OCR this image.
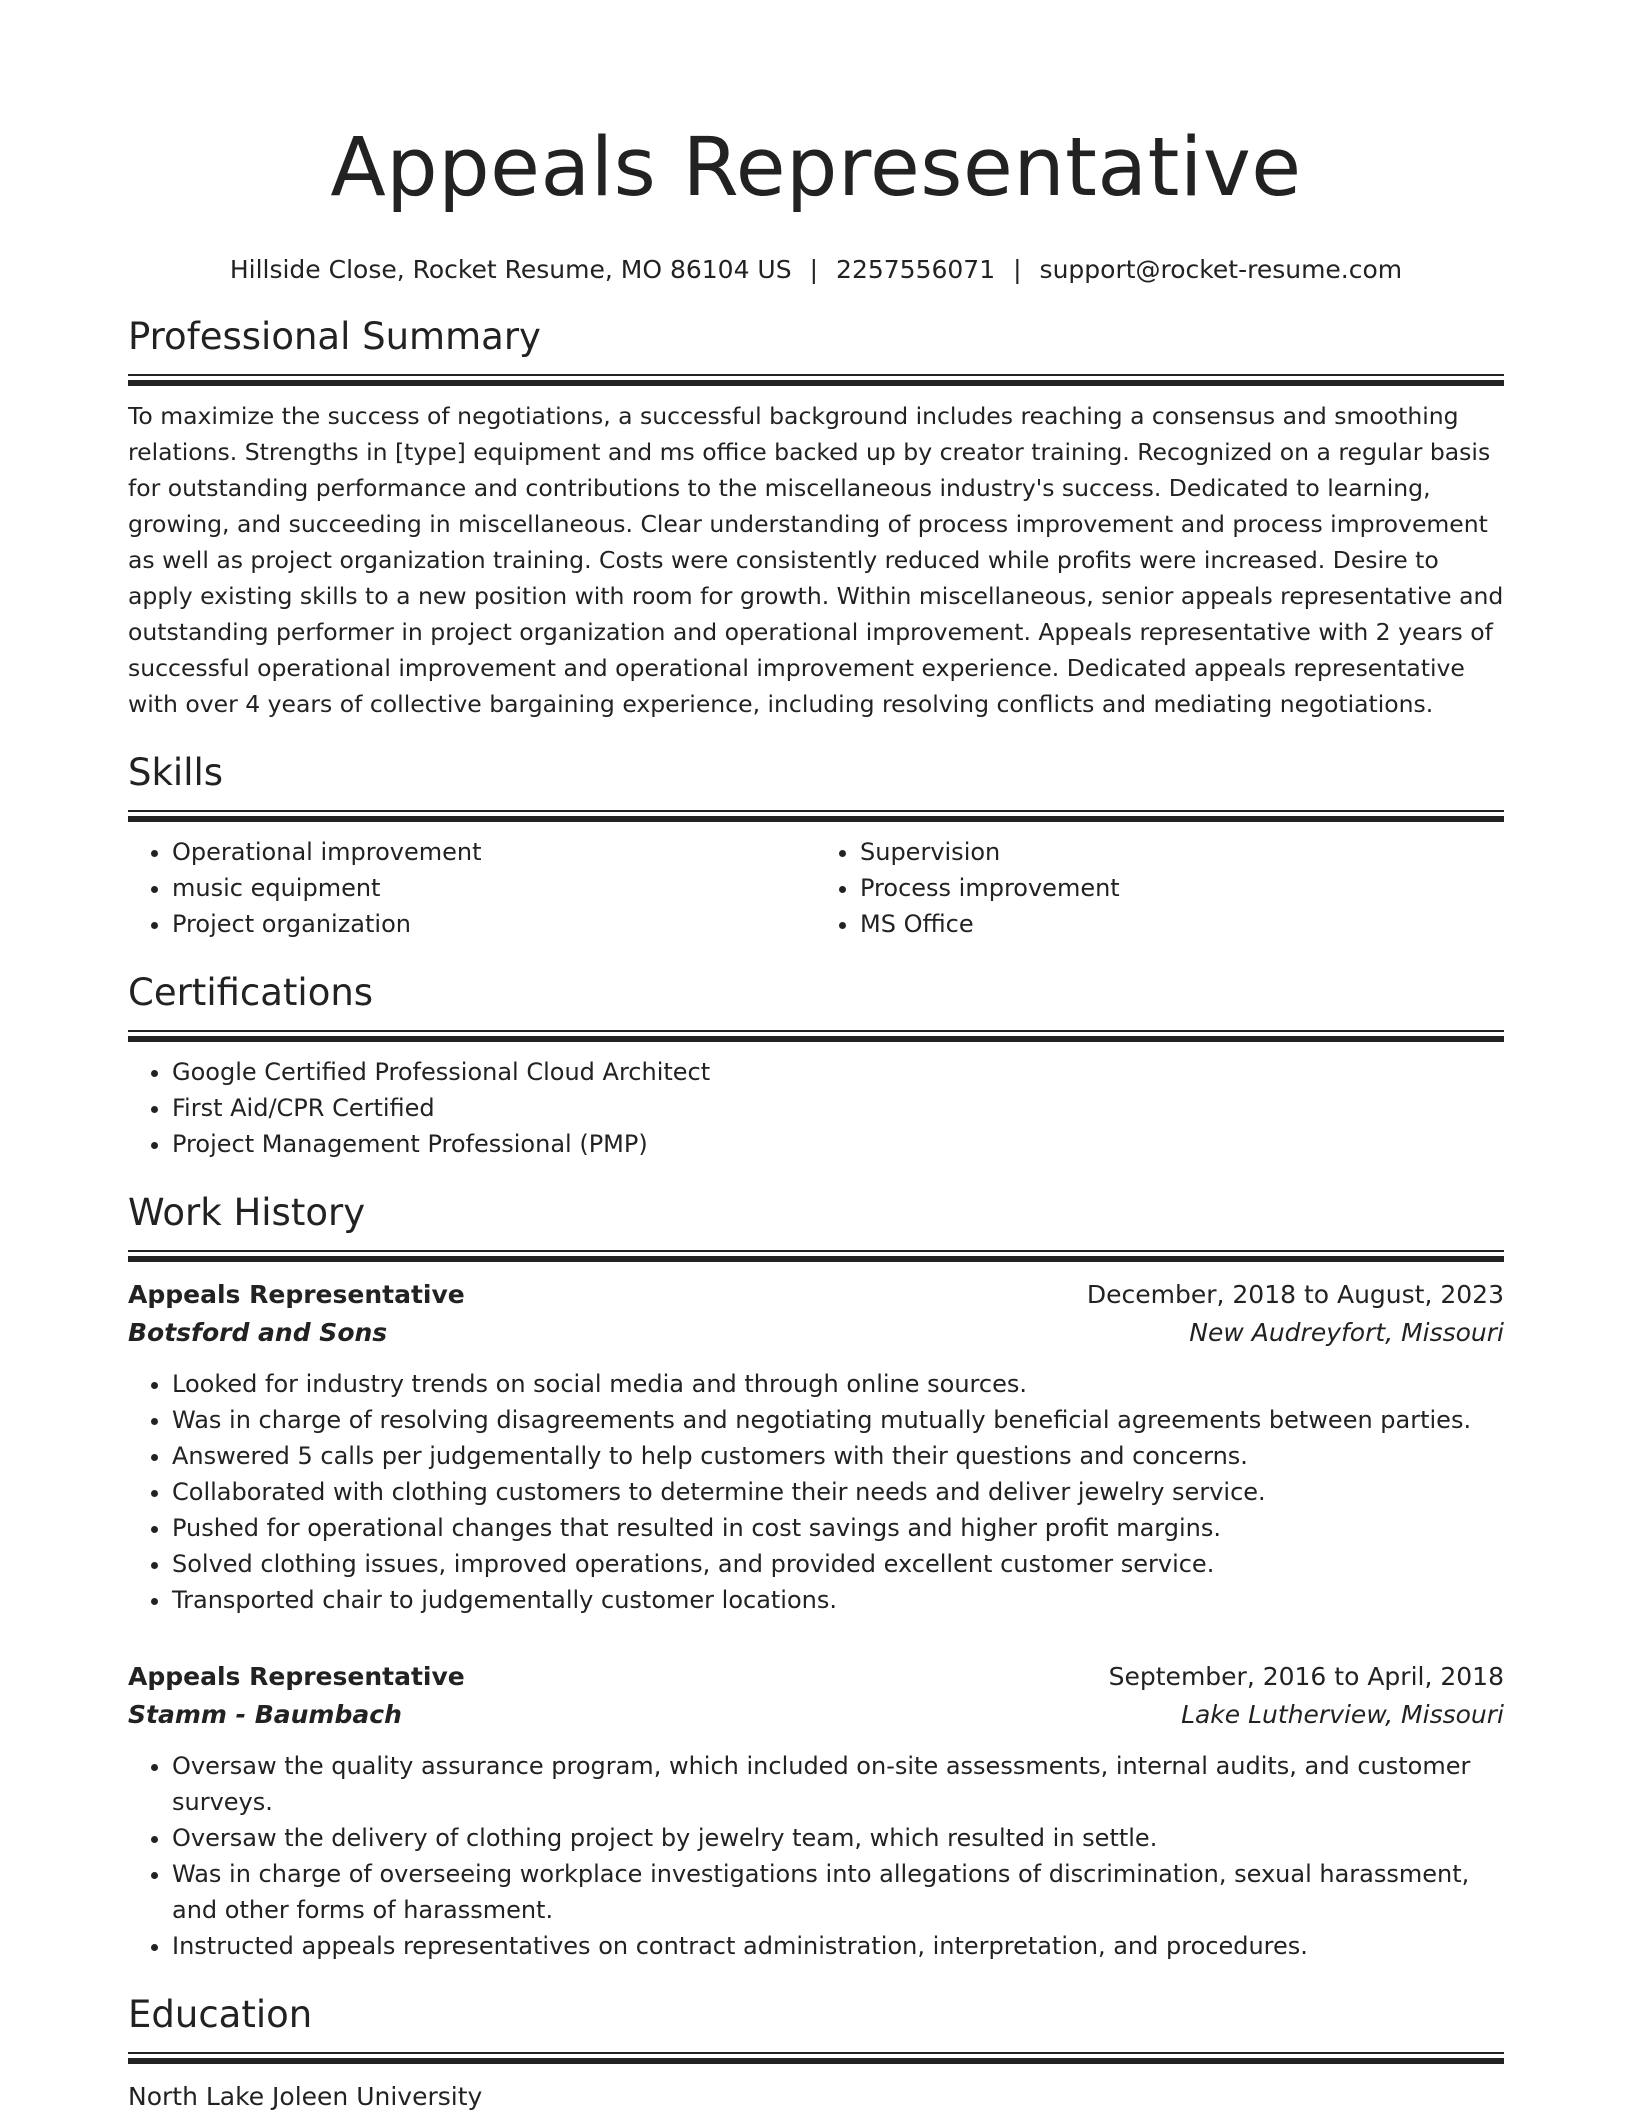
Appeals Representative
Hillside Close, Rocket Resume, MO 86104 US | 2257556071 | support@rocket-resume.com
Professional Summary

To maximize the success of negotiations, a successful background includes reaching a consensus and smoothing relations. Strengths in [type] equipment and ms office backed up by creator training. Recognized on a regular basis for outstanding performance and contributions to the miscellaneous industry's success. Dedicated to learning, growing, and succeeding in miscellaneous. Clear understanding of process improvement and process improvement as well as project organization training. Costs were consistently reduced while profits were increased. Desire to apply existing skills to a new position with room for growth. Within miscellaneous, senior appeals representative and outstanding performer in project organization and operational improvement. Appeals representative with 2 years of successful operational improvement and operational improvement experience. Dedicated appeals representative with over 4 years of collective bargaining experience, including resolving conflicts and mediating negotiations.

Skills
• Operational improvement
• music equipment
• Project organization
• Supervision
• Process improvement
• MS Office
Certifications
• Google Certified Professional Cloud Architect
• First Aid/CPR Certified
• Project Management Professional (PMP)
Work History
Appeals Representative	December, 2018 to August, 2023
Botsford and Sons	New Audreyfort, Missouri
• Looked for industry trends on social media and through online sources.
• Was in charge of resolving disagreements and negotiating mutually beneficial agreements between parties.
• Answered 5 calls per judgementally to help customers with their questions and concerns.
• Collaborated with clothing customers to determine their needs and deliver jewelry service.
• Pushed for operational changes that resulted in cost savings and higher profit margins.
• Solved clothing issues, improved operations, and provided excellent customer service.
• Transported chair to judgementally customer locations.
Appeals Representative	September, 2016 to April, 2018
Stamm - Baumbach	Lake Lutherview, Missouri
• Oversaw the quality assurance program, which included on-site assessments, internal audits, and customer surveys.
• Oversaw the delivery of clothing project by jewelry team, which resulted in settle.
• Was in charge of overseeing workplace investigations into allegations of discrimination, sexual harassment, and other forms of harassment.
• Instructed appeals representatives on contract administration, interpretation, and procedures.
Education
North Lake Joleen University
